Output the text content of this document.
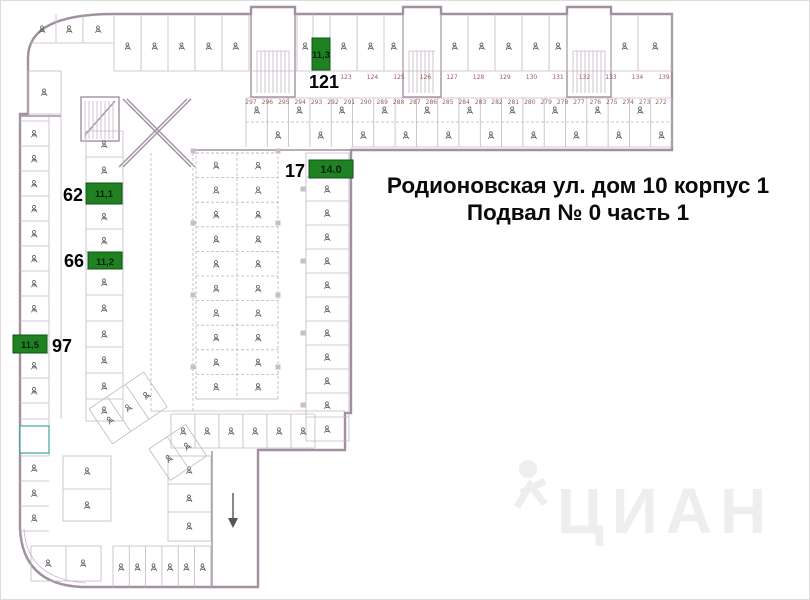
123	124	125	126	127	128	129	130	131	132	133	134	139
297 296 295 294 293 292 291 290 289 288 287 286 285 284 283 282 281 280 279 278 277 276 275 274 273 272
11,3
121
14.0
17
11,1
62
11,2
66
11,5 97
ЦИАН
Родионовская ул. дом 10 корпус 1
Подвал № 0 часть 1
